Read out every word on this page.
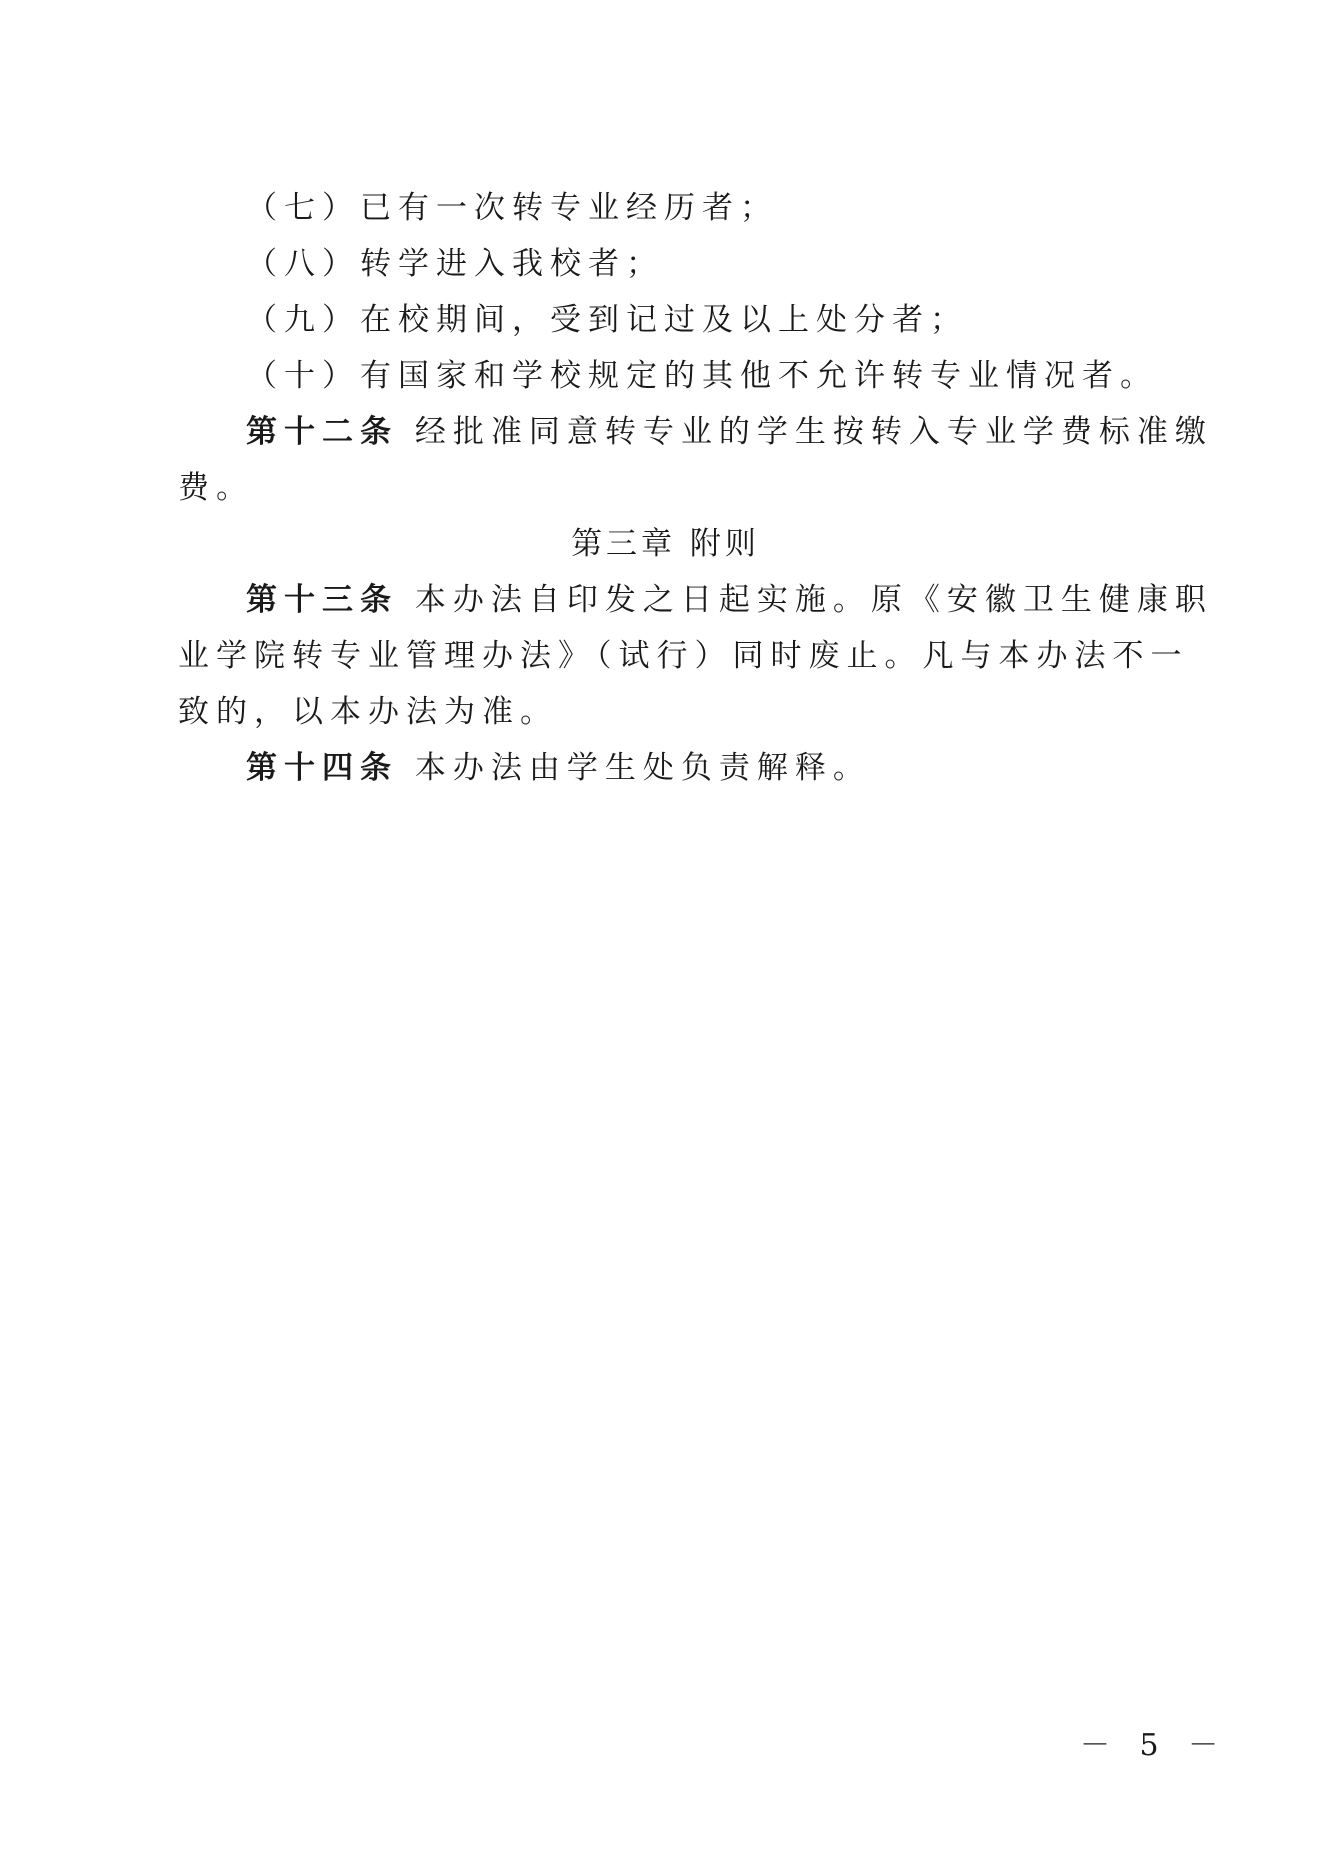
（七）已有一次转专业经历者；
（八）转学进入我校者；
（九）在校期间，受到记过及以上处分者；
（十）有国家和学校规定的其他不允许转专业情况者。
第十二条 经批准同意转专业的学生按转入专业学费标准缴
费。
第三章 附则
第十三条 本办法自印发之日起实施。原《安徽卫生健康职
业学院转专业管理办法》（试行）同时废止。凡与本办法不一
致的，以本办法为准。
第十四条 本办法由学生处负责解释。
－ 5 －
